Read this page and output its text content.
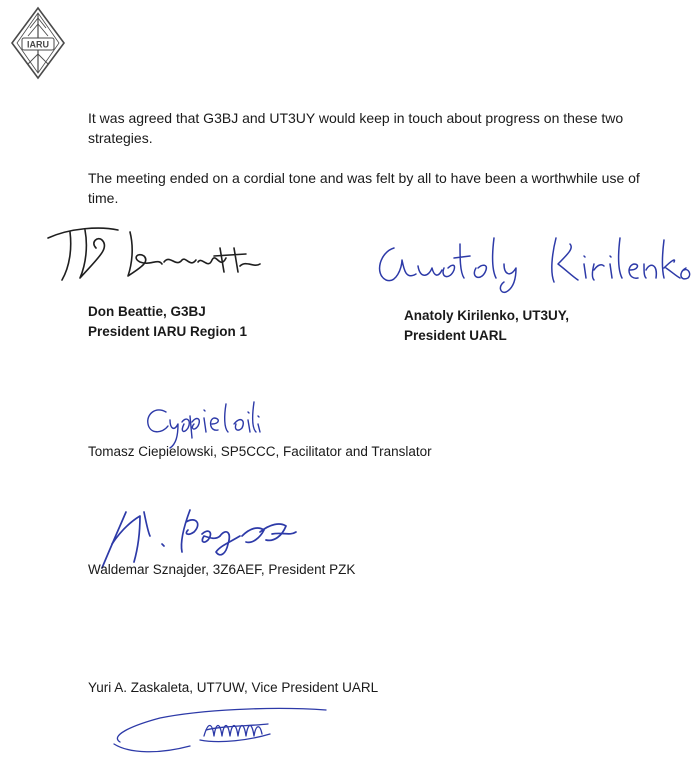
IARU

It was agreed that G3BJ and UT3UY would keep in touch about progress on these two strategies.

The meeting ended on a cordial tone and was felt by all to have been a worthwhile use of time.

Don Beattie, G3BJ
President IARU Region 1
Anatoly Kirilenko, UT3UY,
President UARL
Tomasz Ciepielowski, SP5CCC, Facilitator and Translator
Waldemar Sznajder, 3Z6AEF, President PZK
Yuri A. Zaskaleta, UT7UW, Vice President UARL
